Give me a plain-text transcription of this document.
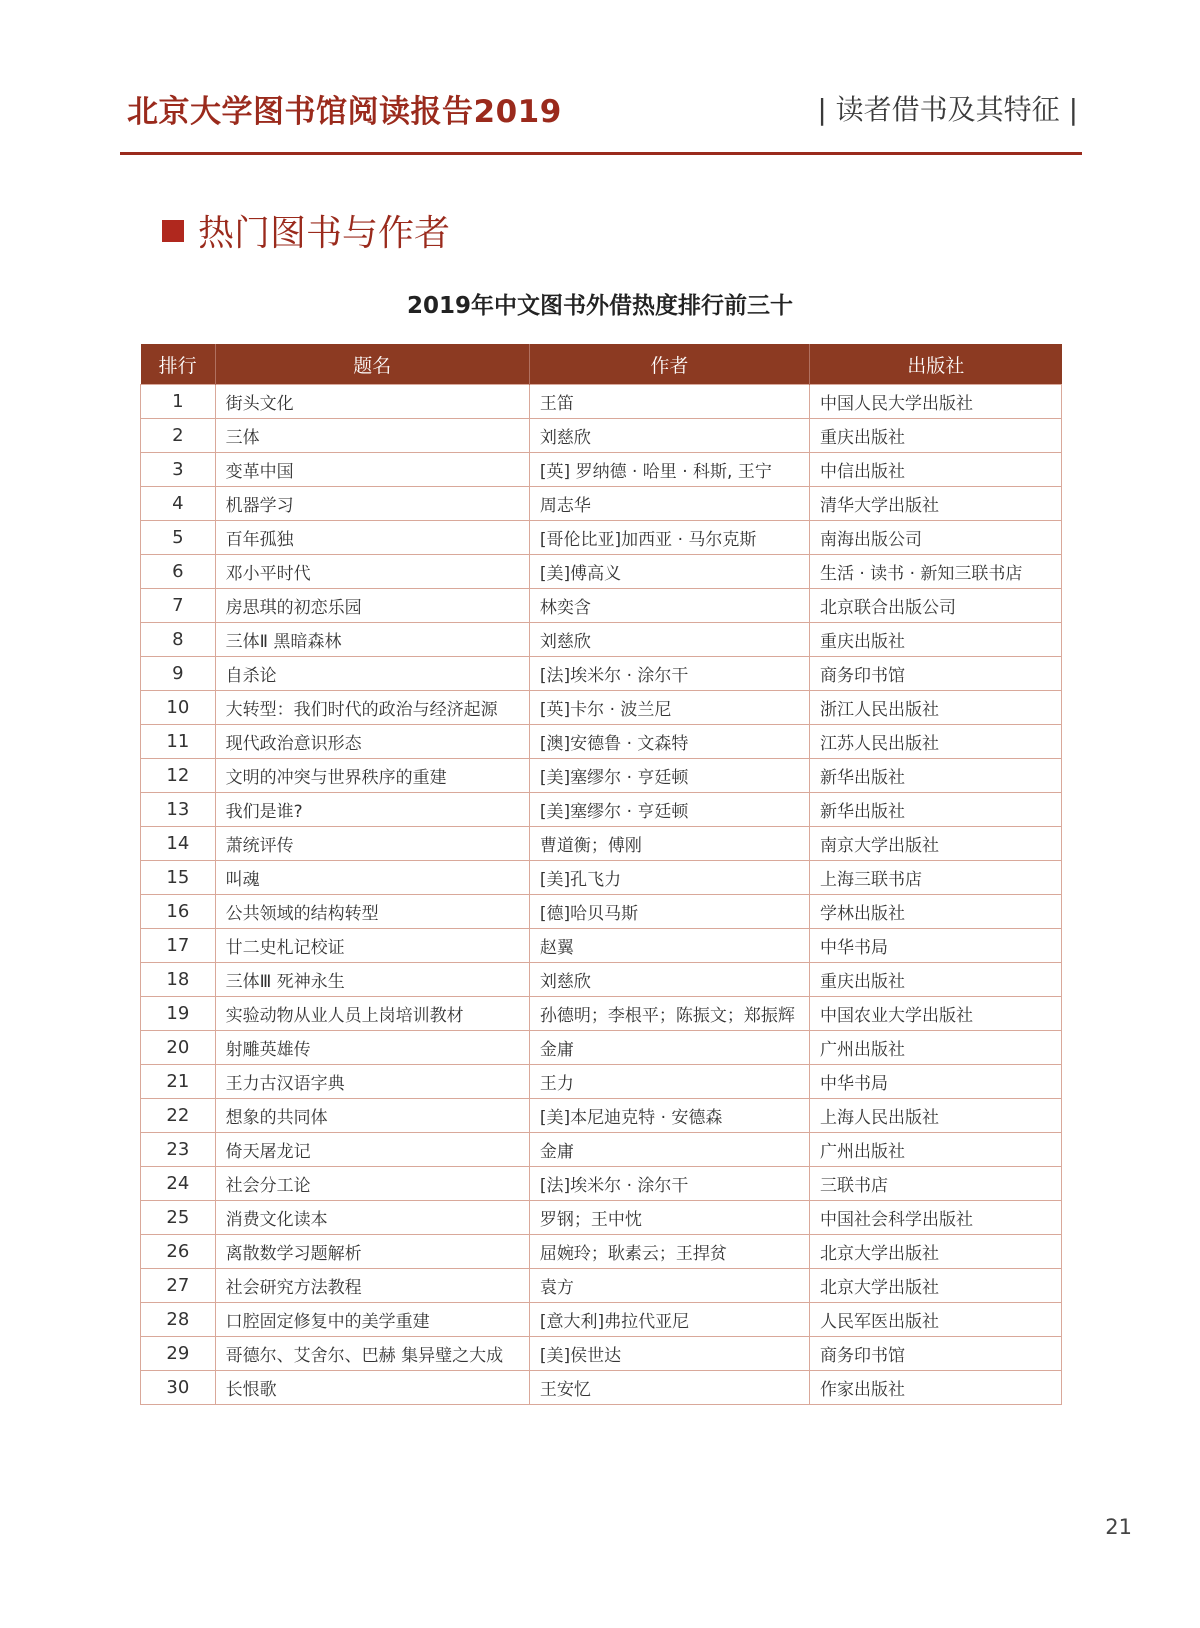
北京大学图书馆阅读报告2019	| 读者借书及其特征 |
热门图书与作者
2019年中文图书外借热度排行前三十
排行	题名	作者	出版社
1	街头文化	王笛	中国人民大学出版社
2	三体	刘慈欣	重庆出版社
3	变革中国	[英] 罗纳德 · 哈里 · 科斯, 王宁	中信出版社
4	机器学习	周志华	清华大学出版社
5	百年孤独	[哥伦比亚]加西亚 · 马尔克斯	南海出版公司
6	邓小平时代	[美]傅高义	生活 · 读书 · 新知三联书店
7	房思琪的初恋乐园	林奕含	北京联合出版公司
8	三体Ⅱ 黑暗森林	刘慈欣	重庆出版社
9	自杀论	[法]埃米尔 · 涂尔干	商务印书馆
10	大转型：我们时代的政治与经济起源	[英]卡尔 · 波兰尼	浙江人民出版社
11	现代政治意识形态	[澳]安德鲁 · 文森特	江苏人民出版社
12	文明的冲突与世界秩序的重建	[美]塞缪尔 · 亨廷顿	新华出版社
13	我们是谁?	[美]塞缪尔 · 亨廷顿	新华出版社
14	萧统评传	曹道衡；傅刚	南京大学出版社
15	叫魂	[美]孔飞力	上海三联书店
16	公共领域的结构转型	[德]哈贝马斯	学林出版社
17	廿二史札记校证	赵翼	中华书局
18	三体Ⅲ 死神永生	刘慈欣	重庆出版社
19	实验动物从业人员上岗培训教材	孙德明；李根平；陈振文；郑振辉	中国农业大学出版社
20	射雕英雄传	金庸	广州出版社
21	王力古汉语字典	王力	中华书局
22	想象的共同体	[美]本尼迪克特 · 安德森	上海人民出版社
23	倚天屠龙记	金庸	广州出版社
24	社会分工论	[法]埃米尔 · 涂尔干	三联书店
25	消费文化读本	罗钢；王中忱	中国社会科学出版社
26	离散数学习题解析	屈婉玲；耿素云；王捍贫	北京大学出版社
27	社会研究方法教程	袁方	北京大学出版社
28	口腔固定修复中的美学重建	[意大利]弗拉代亚尼	人民军医出版社
29	哥德尔、艾舍尔、巴赫 集异璧之大成	[美]侯世达	商务印书馆
30	长恨歌	王安忆	作家出版社
21
